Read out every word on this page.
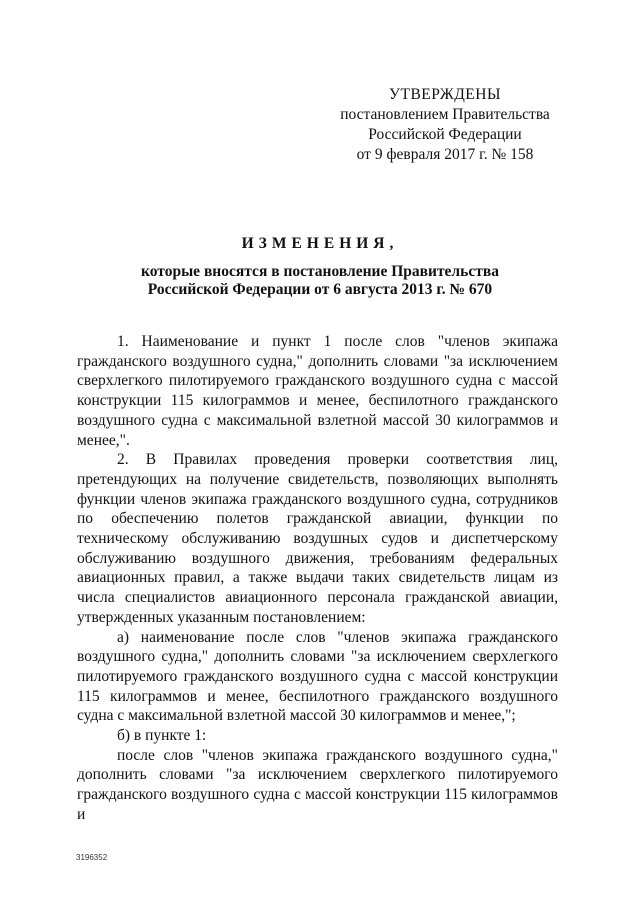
УТВЕРЖДЕНЫ
постановлением Правительства
Российской Федерации
от 9 февраля 2017 г. № 158
ИЗМЕНЕНИЯ,
которые вносятся в постановление Правительства
Российской Федерации от 6 августа 2013 г. № 670

1. Наименование и пункт 1 после слов "членов экипажа гражданского воздушного судна," дополнить словами "за исключением сверхлегкого пилотируемого гражданского воздушного судна с массой конструкции 115 килограммов и менее, беспилотного гражданского воздушного судна с максимальной взлетной массой 30 килограммов и менее,".

2. В Правилах проведения проверки соответствия лиц, претендующих на получение свидетельств, позволяющих выполнять функции членов экипажа гражданского воздушного судна, сотрудников по обеспечению полетов гражданской авиации, функции по техническому обслуживанию воздушных судов и диспетчерскому обслуживанию воздушного движения, требованиям федеральных авиационных правил, а также выдачи таких свидетельств лицам из числа специалистов авиационного персонала гражданской авиации, утвержденных указанным постановлением:

а) наименование после слов "членов экипажа гражданского воздушного судна," дополнить словами "за исключением сверхлегкого пилотируемого гражданского воздушного судна с массой конструкции 115 килограммов и менее, беспилотного гражданского воздушного судна с максимальной взлетной массой 30 килограммов и менее,";

б) в пункте 1:

после слов "членов экипажа гражданского воздушного судна," дополнить словами "за исключением сверхлегкого пилотируемого гражданского воздушного судна с массой конструкции 115 килограммов и

3196352
